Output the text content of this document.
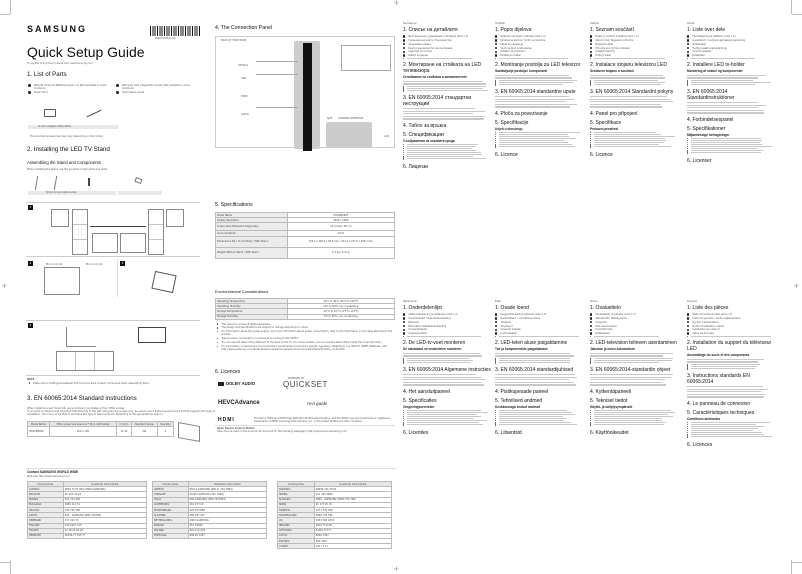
✛
✛
✛
✛
SAMSUNG
BN68-13084A-00
Quick Setup Guide
To register this product please visit www.samsung.com
1. List of Parts
Remote Control & Batteries (AAA x 2) (Not available in some locations)
Warranty Card / Regulatory Guide (Not available in some locations)
Power Cord	Quick Setup Guide
CI Card Adapter Data Cable
The provided accessories may vary depending on the model.
2. Installing the LED TV Stand
Assembling the Stand and Components
When installing the stand, use the provided components and parts.
Stand Screw Cable Guide
1
2	M4 x L14 (x4)	M4 x L14 (x4)	3
4
NOTE
Make sure to distinguish between the front and back of each component when assembling them.
3. EN 60065:2014 Standard instructions
When installing a wall mount kit, we recommend you fasten all four VESA screws.
If you want to install a wall mount kit that attaches to the wall using two top screws only, be sure to use a Samsung wall mount kit that supports this type of installation. (You may not be able to purchase this type of wall mount kit, depending on the geographical region.)
Model Name	VESA screw hole specs (A * B) in millimetres	C (mm)	Standard Screw	Quantity
HG32EJ690F	100 x 100	11-13	M4	4
Contact SAMSUNG WORLD WIDE
Web site: http://www.samsung.com
Country/Area	Customer Care Centre
AUSTRIA	0800 72 67 864 (0800-SAMSUNG)
BELGIUM	02-201-24-18
BOSNIA	055 233 999
BULGARIA	0800 111 31
CROATIA	072 726 786
CZECH	800 - SAMSUNG (800-726786)
DENMARK	707 019 70
FINLAND	030-6227 515
FRANCE	01 48 63 00 00
GERMANY	06196 77 555 77
Country/Area	Customer Care Centre
GREECE	80111-SAMSUNG (80111 726 7864)
HUNGARY	06-80-SAMSUNG (726-7864)
ITALIA	800-SAMSUNG (800.7267864)
LUXEMBURG	261 03 710
MONTENEGRO	020 405 888
SLOVENIA	080 697 267
NETHERLANDS	0900-SAMSUNG
NORWAY	815 56480
POLAND	801-172-678
PORTUGAL	808 20 7267
Country/Area	Customer Care Centre
ROMANIA	08008 726 78 64
SERBIA	011 321 6899
SLOVAKIA	0800 - SAMSUNG (0800-726 786)
SPAIN	91 175 00 15
SWEDEN	0771 726 786
SWITZERLAND	0800 726 786
UK	0333 000 0333
IRELAND	0818 717100
LITHUANIA	8-800-77777
LATVIA	8000-7267
ESTONIA	800-7267
TURKEY	444 77 11
4. The Connection Panel
BACK OF TELEVISION
OPTICAL
USB
HDMI
AUDIO
RJ45 COMMON INTERFACE
LAN
5. Specifications
Model Name	HG32EJ690F
Display Resolution	1920 x 1080
Screen Size (Measured Diagonally)	32 inches / 80 cm
Sound (Output)	20 W
Dimensions (W x H x D) Body / With Stand	723.3 x 426.6 x 56.8 mm / 723.3 x 477.5 x 156.2 mm
Weight Without Stand / With Stand	5.3 kg / 5.4 kg
Environmental Considerations
Operating Temperature	10°C to 40°C (50°F to 104°F)
Operating Humidity	10% to 80%, non-condensing
Storage Temperature	-20°C to 45°C (-4°F to 113°F)
Storage Humidity	5% to 95%, non-condensing
This device is a Class B digital apparatus.
The design and specifications are subject to change without prior notice.
For information about the power supply, and more information about power consumption, refer to the information on the label attached to the product.
Typical power consumption is measured according to IEC 62087.
You can see the label rating attached to the back of the TV. (For some models, you can see the label rating inside the cover terminal.)
For information on Samsung's environmental commitments and product specific regulatory obligations, e.g. REACH, WEEE, Batteries, visit http://www.samsung.com/uk/aboutsamsung/samsungelectronics/corporatecitizenship/data_corner.html
6. Licences
DOLBY AUDIO
POWERED BY
QUICKSET
HEVCAdvance	rovi guide
HDMI	The terms HDMI and HDMI High-Definition Multimedia Interface, and the HDMI Logo are trademarks or registered trademarks of HDMI Licensing Administrator, Inc. in the United States and other countries.
Open Source Licence Notice
Open Source used in this product can be found on the following webpage. (http://opensource.samsung.com)
Български
1. Списък на детайлите
Дистанционно управление и батерии (AAA x 2)
Гаранционна карта / Ръководство
Захранващ кабел
Кратко ръководство за монтиране
Адаптер за CI Card
Кабел за данни
2. Монтиране на стойката на LED телевизора
Сглобяване на стойката и компонентите
3. EN 60065:2014 стандартни инструкции
4. Табло за връзка
5. Спецификации
Съображения за околната среда
6. Лицензи
Hrvatski
1. Popis dijelova
Daljinski upravljač i baterije (AAA x 2)
Jamstvena kartica / Vodič s propisima
Kabel za napajanje
Vodič za brzo postavljanje
Adapter za CI karticu
Podatkovni kabel
2. Montiranje postolja za LED televizor
Sastavljanje postolja i komponenti
3. EN 60065:2014 standardne upute
4. Ploča za povezivanje
5. Specifikacije
Uvjeti u okruženju
6. Licence
Čeština
1. Seznam součástí
Dálkový ovladač a baterie (AAA x 2)
Záruční list / Regulační příručka
Napájecí kabel
Příručka pro rychlou instalaci
Adaptér karet CI
Datový kabel
2. Instalace stojanu televizoru LED
Sestavení stojanu a součástí
3. EN 60065:2014 Standardní pokyny
4. Panel pro připojení
5. Specifikace
Provozní prostředí
6. Licence
Dansk
1. Liste over dele
Fjernbetjening & batterier (AAA x 2)
Garantikort / Lovgivningsmæssig vejledning
Strømkabel
Hurtig opsætningsvejledning
CI-Card-adapter
Datakabel
2. Installere LED tv-holder
Montering af sokkel og komponenter
3. EN 60065:2014 Standardinstruktioner
4. Forbindelsespanel
5. Specifikationer
Miljømæssige betragtninger
6. Licenser
Nederlands
1. Onderdelenlijst
Afstandsbediening & batterijen (AAA x 2)
Garantiekaart / Gebruiksaanwijzing
Netsnoer
Beknopte installatiehandleiding
CI-kaartadapter
Gegevenskabel
2. De LED-tv-voet monteren
De standaard en onderdelen monteren
3. EN 60065:2014 Algemene instructies
4. Het aansluitpaneel
5. Specificaties
Omgevingsvereisten
6. Licenties
Eesti
1. Osade loend
Kaugjuhtimispult ja patareid (AAA x 2)
Garantiikaart / normatiivne teave
Toitejuhe
Kiirjuhend
CI-kaardi adapter
Andmekaabel
2. LED-teleri aluse paigaldamine
Toe ja komponentide paigaldamine
3. EN 60065:2014 standardijuhised
4. Pistikupesade paneel
5. Tehnilised andmed
Keskkonnaga seotud andmed
6. Litsentsid
Suomi
1. Osaluettelo
Kaukosäädin ja paristot (AAA x 2)
Takuukortti / Määräysopas
Virtajohto
Pika-asennusopas
CI-korttisovitin
Datakaapeli
2. LED-television telineen asentaminen
Jalustan ja osien kokoaminen
3. EN 60065:2014-standardin ohjeet
4. Kytkentäpaneeli
5. Tekniset tiedot
Käyttö- ja säilytysympäristö
6. Käyttöoikeudet
Français
1. Liste des pièces
Télécommande et piles (AAA x 2)
Carte de garantie / Guide réglementaire
Cordon d'alimentation
Guide d'installation rapide
Adaptateur de carte CI
Câble de données
2. Installation du support du téléviseur LED
Assemblage du socle et des composants
3. Instructions standards EN 60065:2014
4. Le panneau de connexion
5. Caractéristiques techniques
Conditions ambiantes
6. Licences
